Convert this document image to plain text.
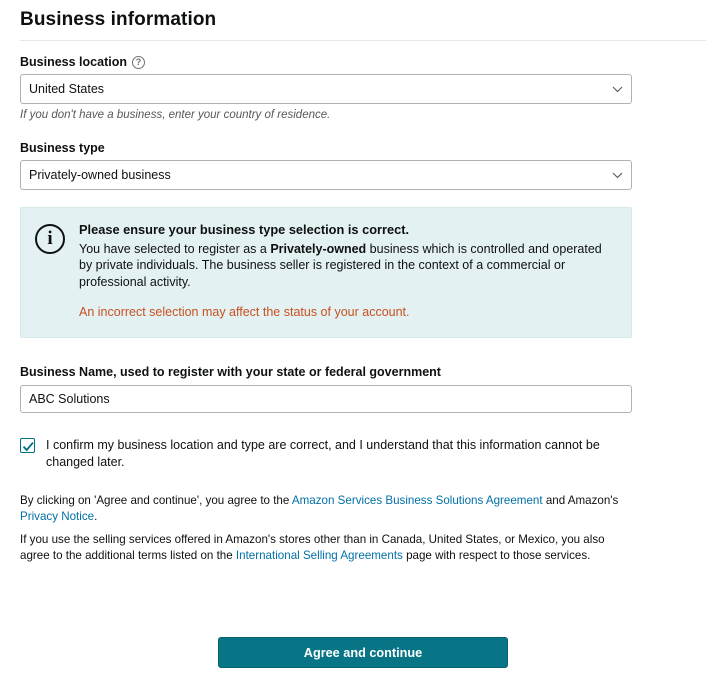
Business information
Business location ?
United States
If you don't have a business, enter your country of residence.
Business type
Privately-owned business
i	Please ensure your business type selection is correct.
You have selected to register as a Privately-owned business which is controlled and operated by private individuals. The business seller is registered in the context of a commercial or professional activity.
An incorrect selection may affect the status of your account.
Business Name, used to register with your state or federal government
ABC Solutions
I confirm my business location and type are correct, and I understand that this information cannot be changed later.

By clicking on 'Agree and continue', you agree to the Amazon Services Business Solutions Agreement and Amazon's Privacy Notice.

If you use the selling services offered in Amazon's stores other than in Canada, United States, or Mexico, you also agree to the additional terms listed on the International Selling Agreements page with respect to those services.

Agree and continue
